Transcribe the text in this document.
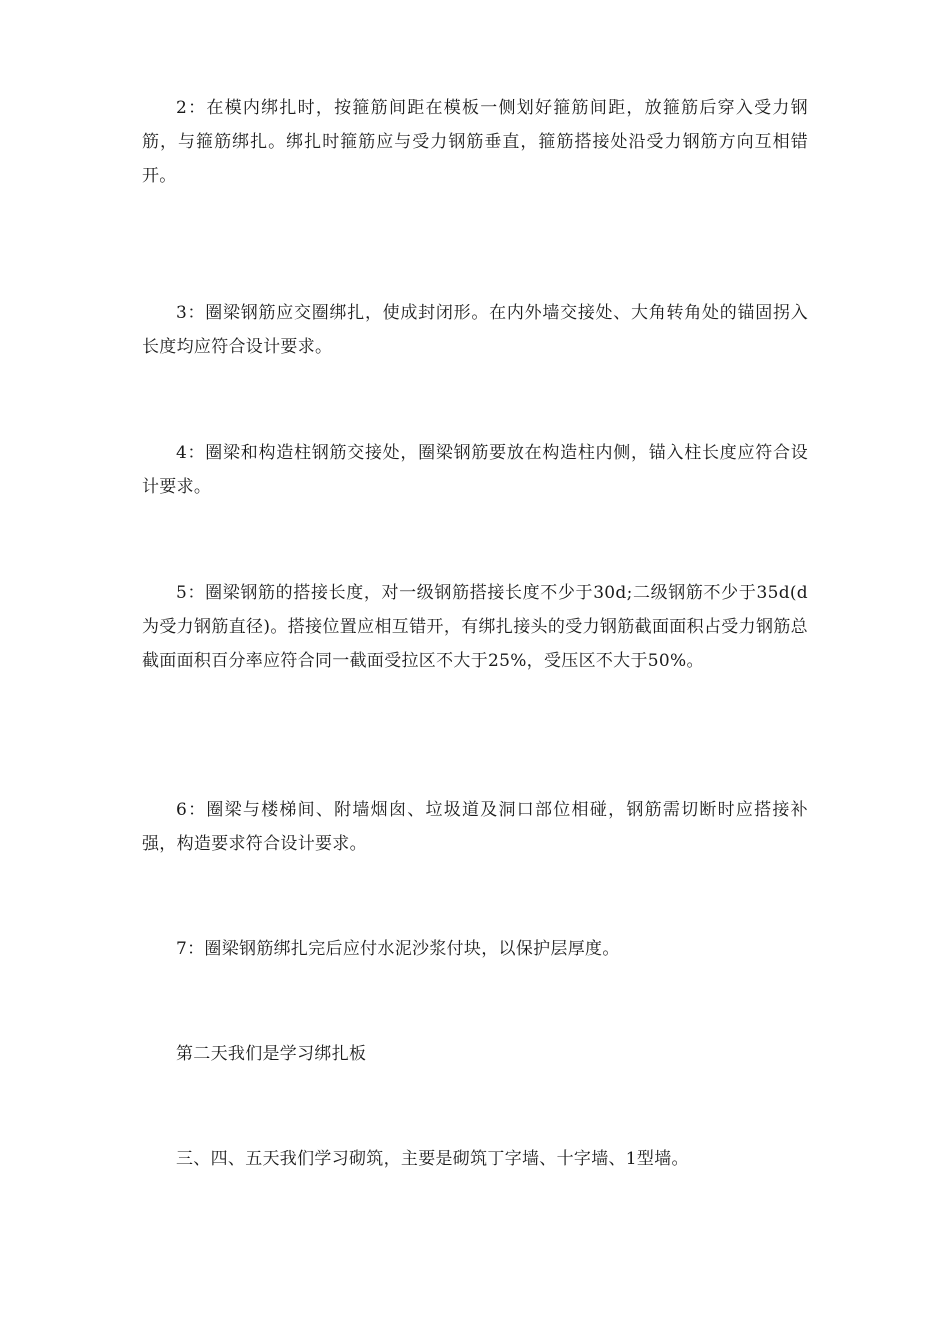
2：在模内绑扎时，按箍筋间距在模板一侧划好箍筋间距，放箍筋后穿入受力钢筋，与箍筋绑扎。绑扎时箍筋应与受力钢筋垂直，箍筋搭接处沿受力钢筋方向互相错开。

3：圈梁钢筋应交圈绑扎，使成封闭形。在内外墙交接处、大角转角处的锚固拐入长度均应符合设计要求。

4：圈梁和构造柱钢筋交接处，圈梁钢筋要放在构造柱内侧，锚入柱长度应符合设计要求。

5：圈梁钢筋的搭接长度，对一级钢筋搭接长度不少于30d;二级钢筋不少于35d(d为受力钢筋直径)。搭接位置应相互错开，有绑扎接头的受力钢筋截面面积占受力钢筋总截面面积百分率应符合同一截面受拉区不大于25%，受压区不大于50%。

6：圈梁与楼梯间、附墙烟囱、垃圾道及洞口部位相碰，钢筋需切断时应搭接补强，构造要求符合设计要求。

7：圈梁钢筋绑扎完后应付水泥沙浆付块，以保护层厚度。

第二天我们是学习绑扎板

三、四、五天我们学习砌筑，主要是砌筑丁字墙、十字墙、1型墙。
